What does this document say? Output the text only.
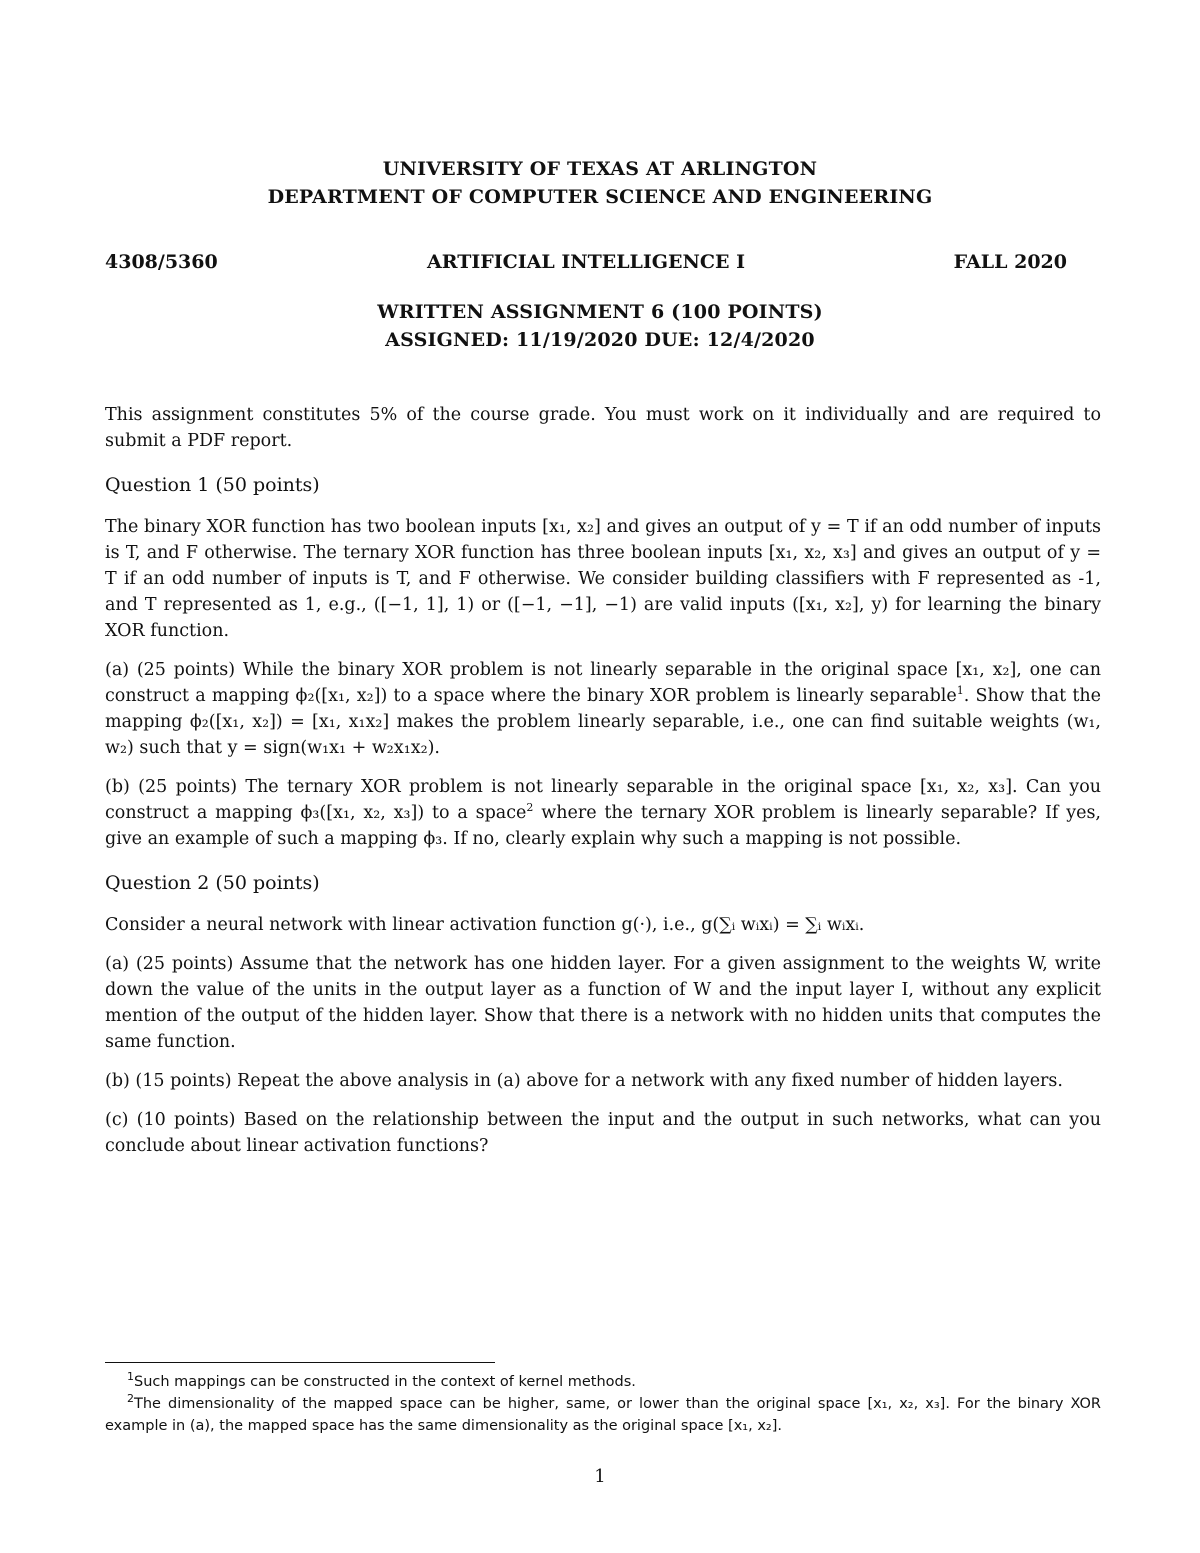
UNIVERSITY OF TEXAS AT ARLINGTON
DEPARTMENT OF COMPUTER SCIENCE AND ENGINEERING
ARTIFICIAL INTELLIGENCE I
4308/5360	FALL 2020
WRITTEN ASSIGNMENT 6 (100 POINTS)
ASSIGNED: 11/19/2020 DUE: 12/4/2020

This assignment constitutes 5% of the course grade. You must work on it individually and are required to submit a PDF report.

Question 1 (50 points)

The binary XOR function has two boolean inputs [x₁, x₂] and gives an output of y = T if an odd number of inputs is T, and F otherwise. The ternary XOR function has three boolean inputs [x₁, x₂, x₃] and gives an output of y = T if an odd number of inputs is T, and F otherwise. We consider building classifiers with F represented as -1, and T represented as 1, e.g., ([−1, 1], 1) or ([−1, −1], −1) are valid inputs ([x₁, x₂], y) for learning the binary XOR function.

(a) (25 points) While the binary XOR problem is not linearly separable in the original space [x₁, x₂], one can construct a mapping ϕ₂([x₁, x₂]) to a space where the binary XOR problem is linearly separable$^1$. Show that the mapping ϕ₂([x₁, x₂]) = [x₁, x₁x₂] makes the problem linearly separable, i.e., one can find suitable weights (w₁, w₂) such that y = sign(w₁x₁ + w₂x₁x₂).

(b) (25 points) The ternary XOR problem is not linearly separable in the original space [x₁, x₂, x₃]. Can you construct a mapping ϕ₃([x₁, x₂, x₃]) to a space$^2$ where the ternary XOR problem is linearly separable? If yes, give an example of such a mapping ϕ₃. If no, clearly explain why such a mapping is not possible.

Question 2 (50 points)

Consider a neural network with linear activation function g(·), i.e., g(∑ᵢ wᵢxᵢ) = ∑ᵢ wᵢxᵢ.

(a) (25 points) Assume that the network has one hidden layer. For a given assignment to the weights W, write down the value of the units in the output layer as a function of W and the input layer I, without any explicit mention of the output of the hidden layer. Show that there is a network with no hidden units that computes the same function.

(b) (15 points) Repeat the above analysis in (a) above for a network with any fixed number of hidden layers.

(c) (10 points) Based on the relationship between the input and the output in such networks, what can you conclude about linear activation functions?

$^1$Such mappings can be constructed in the context of kernel methods.

$^2$The dimensionality of the mapped space can be higher, same, or lower than the original space [x₁, x₂, x₃]. For the binary XOR example in (a), the mapped space has the same dimensionality as the original space [x₁, x₂].

1
